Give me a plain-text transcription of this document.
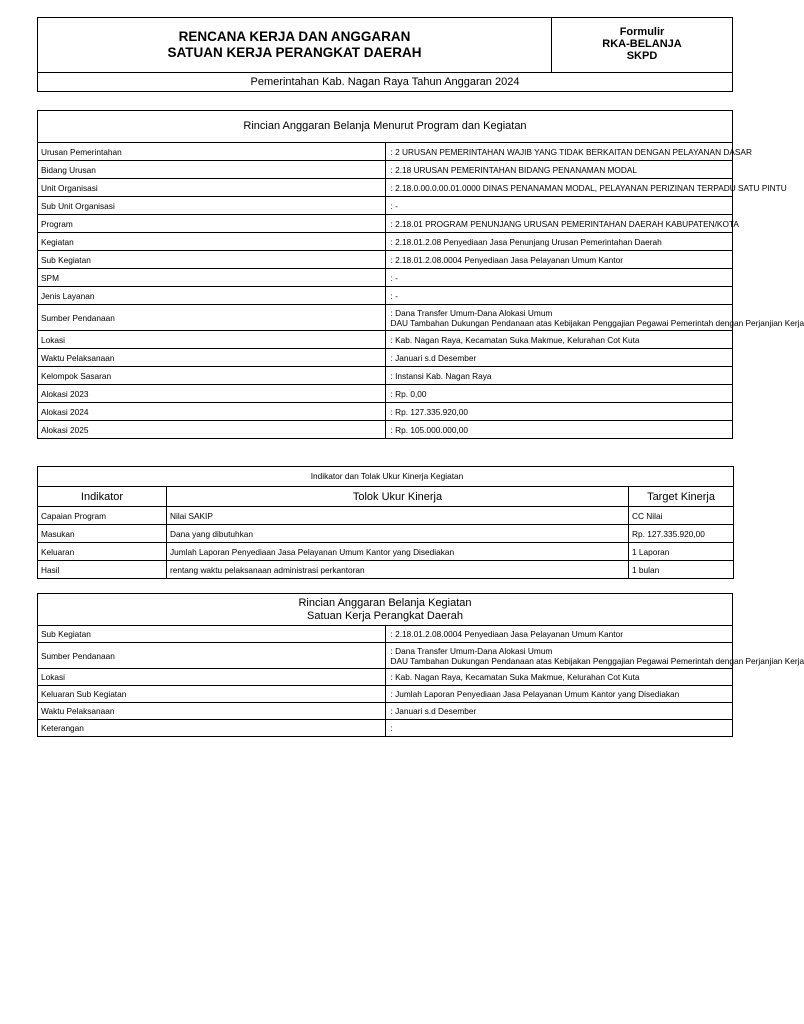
RENCANA KERJA DAN ANGGARAN
SATUAN KERJA PERANGKAT DAERAH

Formulir
RKA-BELANJA
SKPD

Pemerintahan Kab. Nagan Raya Tahun Anggaran 2024
Rincian Anggaran Belanja Menurut Program dan Kegiatan	
Urusan Pemerintahan	: 2 URUSAN PEMERINTAHAN WAJIB YANG TIDAK BERKAITAN DENGAN PELAYANAN DASAR
Bidang Urusan	: 2.18 URUSAN PEMERINTAHAN BIDANG PENANAMAN MODAL
Unit Organisasi	: 2.18.0.00.0.00.01.0000 DINAS PENANAMAN MODAL, PELAYANAN PERIZINAN TERPADU SATU PINTU
Sub Unit Organisasi	: -
Program	: 2.18.01 PROGRAM PENUNJANG URUSAN PEMERINTAHAN DAERAH KABUPATEN/KOTA
Kegiatan	: 2.18.01.2.08 Penyediaan Jasa Penunjang Urusan Pemerintahan Daerah
Sub Kegiatan	: 2.18.01.2.08.0004 Penyediaan Jasa Pelayanan Umum Kantor
SPM	: -
Jenis Layanan	: -
Sumber Pendanaan	: Dana Transfer Umum-Dana Alokasi Umum
DAU Tambahan Dukungan Pendanaan atas Kebijakan Penggajian Pegawai Pemerintah dengan Perjanjian Kerja

Lokasi	: Kab. Nagan Raya, Kecamatan Suka Makmue, Kelurahan Cot Kuta
Waktu Pelaksanaan	: Januari s.d Desember
Kelompok Sasaran	: Instansi Kab. Nagan Raya
Alokasi 2023	: Rp. 0,00
Alokasi 2024	: Rp. 127.335.920,00
Alokasi 2025	: Rp. 105.000.000,00
Indikator dan Tolak Ukur Kinerja Kegiatan		
Indikator	Tolok Ukur Kinerja	Target Kinerja
Capaian Program	Nilai SAKIP	CC Nilai
Masukan	Dana yang dibutuhkan	Rp. 127.335.920,00
Keluaran	Jumlah Laporan Penyediaan Jasa Pelayanan Umum Kantor yang Disediakan	1 Laporan
Hasil	rentang waktu pelaksanaan administrasi perkantoran	1 bulan
Rincian Anggaran Belanja Kegiatan
Satuan Kerja Perangkat Daerah	

Sub Kegiatan	: 2.18.01.2.08.0004 Penyediaan Jasa Pelayanan Umum Kantor
Sumber Pendanaan	: Dana Transfer Umum-Dana Alokasi Umum
DAU Tambahan Dukungan Pendanaan atas Kebijakan Penggajian Pegawai Pemerintah dengan Perjanjian Kerja

Lokasi	: Kab. Nagan Raya, Kecamatan Suka Makmue, Kelurahan Cot Kuta
Keluaran Sub Kegiatan	: Jumlah Laporan Penyediaan Jasa Pelayanan Umum Kantor yang Disediakan
Waktu Pelaksanaan	: Januari s.d Desember
Keterangan	:
